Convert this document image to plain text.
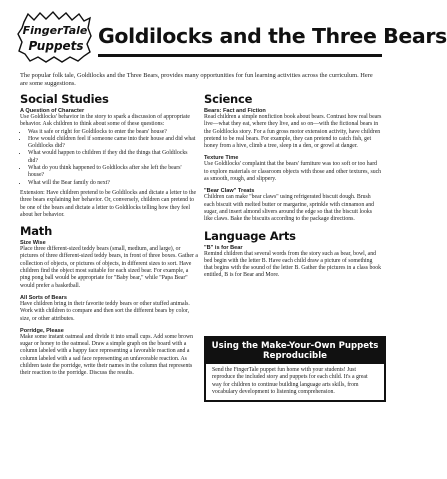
FingerTale
Puppets Goldilocks and the Three Bears
The popular folk tale, Goldilocks and the Three Bears, provides many opportunities for fun learning activities across the curriculum. Here are some suggestions.
Social Studies
A Question of Character

Use Goldilocks' behavior in the story to spark a discussion of appropriate behavior. Ask children to think about some of these questions:

• Was it safe or right for Goldilocks to enter the bears' house?
• How would children feel if someone came into their house and did what Goldilocks did?
• What would happen to children if they did the things that Goldilocks did?
• What do you think happened to Goldilocks after she left the bears' house?
• What will the Bear family do next?

Extension: Have children pretend to be Goldilocks and dictate a letter to the three bears explaining her behavior. Or, conversely, children can pretend to be one of the bears and dictate a letter to Goldilocks telling how they feel about her behavior.

Math
Size Wise

Place three different-sized teddy bears (small, medium, and large), or pictures of three different-sized teddy bears, in front of three boxes. Gather a collection of objects, or pictures of objects, in different sizes to sort. Have children find the object most suitable for each sized bear. For example, a ping pong ball would be appropriate for "Baby bear," while "Papa Bear" would prefer a basketball.

All Sorts of Bears

Have children bring in their favorite teddy bears or other stuffed animals. Work with children to compare and then sort the different bears by color, size, or other attributes.

Porridge, Please

Make some instant oatmeal and divide it into small cups. Add some brown sugar or honey to the oatmeal. Draw a simple graph on the board with a column labeled with a happy face representing a favorable reaction and a column labeled with a sad face representing an unfavorable reaction. As children taste the porridge, write their names in the column that represents their reaction to the porridge. Discuss the results.

Science
Bears: Fact and Fiction

Read children a simple nonfiction book about bears. Contrast how real bears live—what they eat, where they live, and so on—with the fictional bears in the Goldilocks story. For a fun gross motor extension activity, have children pretend to be real bears. For example, they can pretend to catch fish, get honey from a hive, climb a tree, sleep in a den, or growl at danger.

Texture Time

Use Goldilocks' complaint that the bears' furniture was too soft or too hard to explore materials or classroom objects with those and other textures, such as smooth, rough, and slippery.

"Bear Claw" Treats

Children can make "bear claws" using refrigerated biscuit dough. Brush each biscuit with melted butter or margarine, sprinkle with cinnamon and sugar, and insert almond slivers around the edge so that the biscuit looks like claws. Bake the biscuits according to the package directions.

Language Arts
"B" is for Bear

Remind children that several words from the story such as bear, bowl, and bed begin with the letter B. Have each child draw a picture of something that begins with the sound of the letter B. Gather the pictures in a class book entitled, B is for Bear and More.

Using the Make-Your-Own Puppets Reproducible
Send the FingerTale puppet fun home with your students! Just reproduce the included story and puppets for each child. It's a great way for children to continue building language arts skills, from vocabulary development to listening comprehension.
